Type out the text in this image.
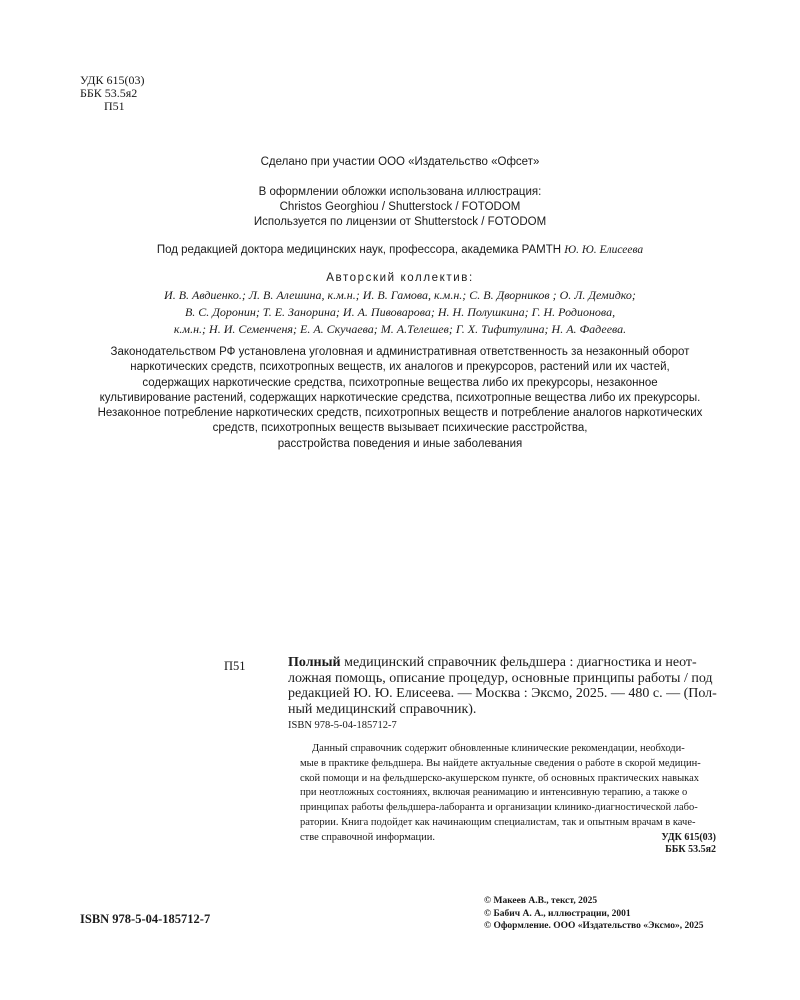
УДК 615(03)
ББК 53.5я2
П51
Сделано при участии ООО «Издательство «Офсет»
В оформлении обложки использована иллюстрация:
Christos Georghiou / Shutterstock / FOTODOM
Используется по лицензии от Shutterstock / FOTODOM
Под редакцией доктора медицинских наук, профессора, академика РАМТН Ю. Ю. Елисеева
Авторский коллектив:
И. В. Авдиенко.; Л. В. Алешина, к.м.н.; И. В. Гамова, к.м.н.; С. В. Дворников ; О. Л. Демидко;
В. С. Доронин; Т. Е. Занорина; И. А. Пивоварова; Н. Н. Полушкина; Г. Н. Родионова,
к.м.н.; Н. И. Семенченя; Е. А. Скучаева; М. А.Телешев; Г. Х. Тифитулина; Н. А. Фадеева.
Законодательством РФ установлена уголовная и административная ответственность за незаконный оборот
наркотических средств, психотропных веществ, их аналогов и прекурсоров, растений или их частей,
содержащих наркотические средства, психотропные вещества либо их прекурсоры, незаконное
культивирование растений, содержащих наркотические средства, психотропные вещества либо их прекурсоры.
Незаконное потребление наркотических средств, психотропных веществ и потребление аналогов наркотических
средств, психотропных веществ вызывает психические расстройства,
расстройства поведения и иные заболевания
П51	Полный медицинский справочник фельдшера : диагностика и неот-
ложная помощь, описание процедур, основные принципы работы / под
редакцией Ю. Ю. Елисеева. — Москва : Эксмо, 2025. — 480 с. — (Пол-
ный медицинский справочник).
ISBN 978-5-04-185712-7
Данный справочник содержит обновленные клинические рекомендации, необходи-
мые в практике фельдшера. Вы найдете актуальные сведения о работе в скорой медицин-
ской помощи и на фельдшерско-акушерском пункте, об основных практических навыках
при неотложных состояниях, включая реанимацию и интенсивную терапию, а также о
принципах работы фельдшера-лаборанта и организации клинико-диагностической лабо-
ратории. Книга подойдет как начинающим специалистам, так и опытным врачам в каче-
стве справочной информации.	УДК 615(03)
ББК 53.5я2
ISBN 978-5-04-185712-7
© Макеев А.В., текст, 2025
© Бабич А. А., иллюстрации, 2001
© Оформление. ООО «Издательство «Эксмо», 2025
